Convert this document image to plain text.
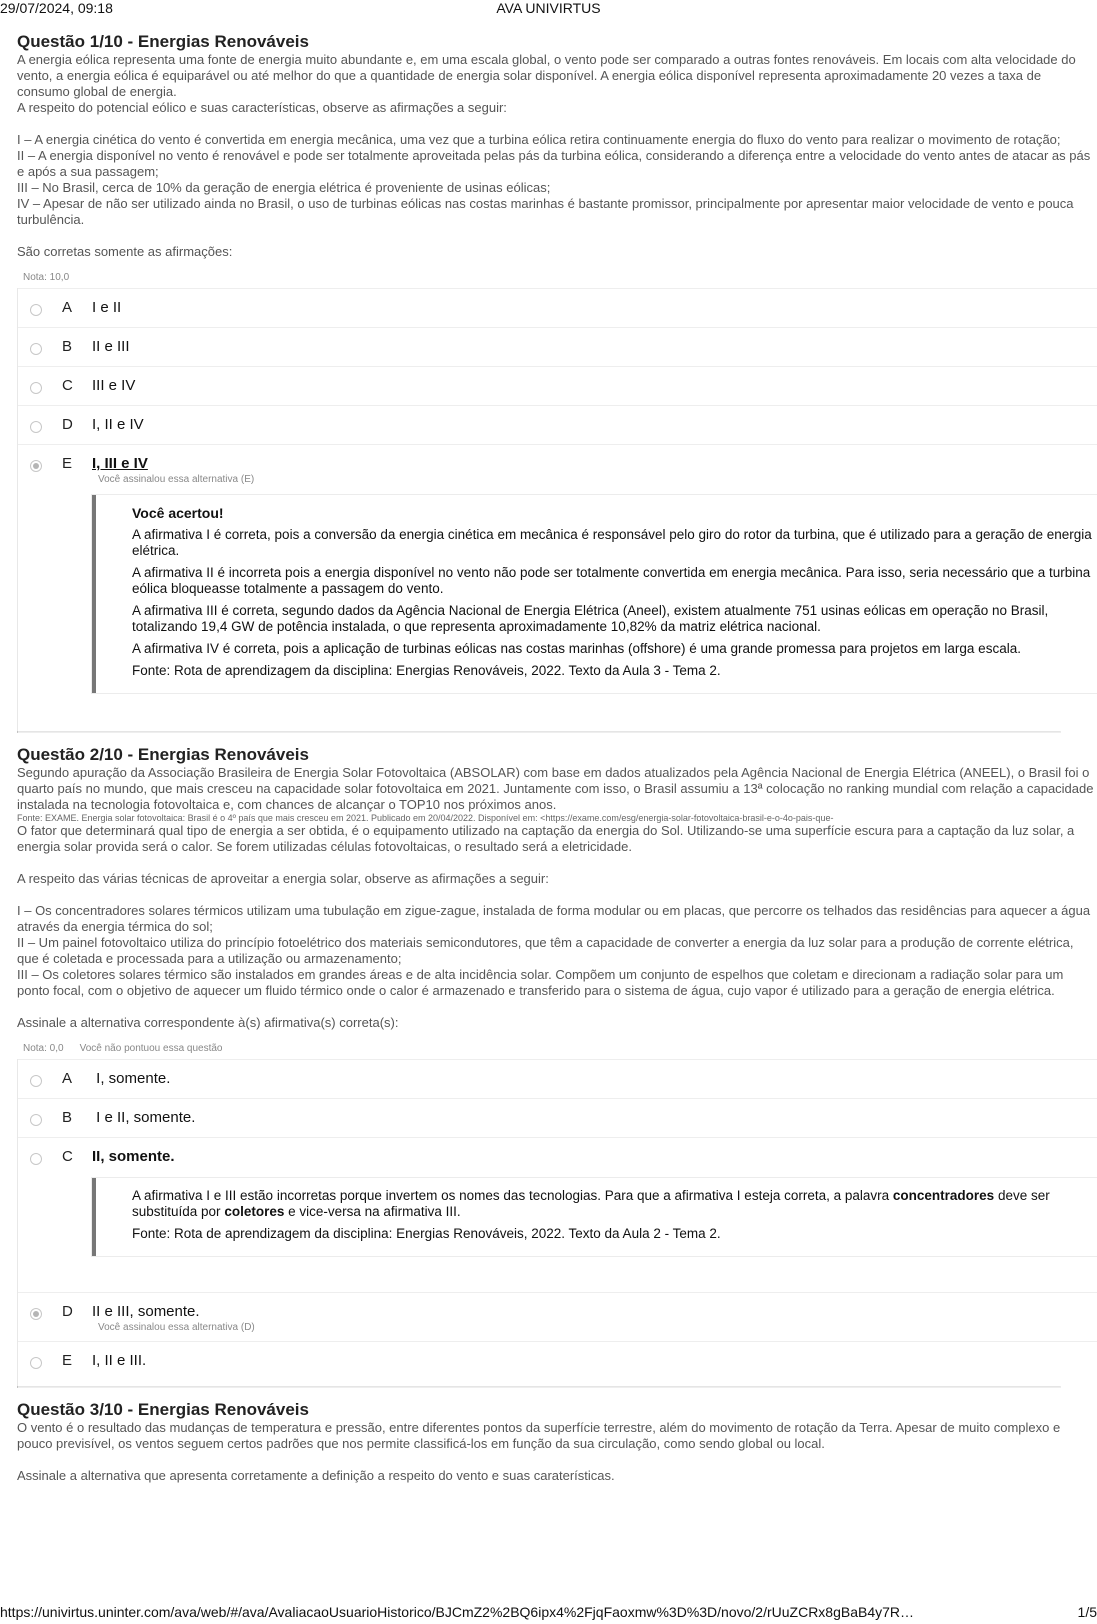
29/07/2024, 09:18	AVA UNIVIRTUS
Questão 1/10 - Energias Renováveis

A energia eólica representa uma fonte de energia muito abundante e, em uma escala global, o vento pode ser comparado a outras fontes renováveis. Em locais com alta velocidade do vento, a energia eólica é equiparável ou até melhor do que a quantidade de energia solar disponível. A energia eólica disponível representa aproximadamente 20 vezes a taxa de consumo global de energia.

A respeito do potencial eólico e suas características, observe as afirmações a seguir:

I – A energia cinética do vento é convertida em energia mecânica, uma vez que a turbina eólica retira continuamente energia do fluxo do vento para realizar o movimento de rotação;

II – A energia disponível no vento é renovável e pode ser totalmente aproveitada pelas pás da turbina eólica, considerando a diferença entre a velocidade do vento antes de atacar as pás e após a sua passagem;

III – No Brasil, cerca de 10% da geração de energia elétrica é proveniente de usinas eólicas;

IV – Apesar de não ser utilizado ainda no Brasil, o uso de turbinas eólicas nas costas marinhas é bastante promissor, principalmente por apresentar maior velocidade de vento e pouca turbulência.

São corretas somente as afirmações:

Nota: 10,0
A I e II
B II e III
C III e IV
D I, II e IV
E I, III e IV
Você assinalou essa alternativa (E)
Você acertou!

A afirmativa I é correta, pois a conversão da energia cinética em mecânica é responsável pelo giro do rotor da turbina, que é utilizado para a geração de energia elétrica.

A afirmativa II é incorreta pois a energia disponível no vento não pode ser totalmente convertida em energia mecânica. Para isso, seria necessário que a turbina eólica bloqueasse totalmente a passagem do vento.

A afirmativa III é correta, segundo dados da Agência Nacional de Energia Elétrica (Aneel), existem atualmente 751 usinas eólicas em operação no Brasil, totalizando 19,4 GW de potência instalada, o que representa aproximadamente 10,82% da matriz elétrica nacional.

A afirmativa IV é correta, pois a aplicação de turbinas eólicas nas costas marinhas (offshore) é uma grande promessa para projetos em larga escala.

Fonte: Rota de aprendizagem da disciplina: Energias Renováveis, 2022. Texto da Aula 3 - Tema 2.

Questão 2/10 - Energias Renováveis

Segundo apuração da Associação Brasileira de Energia Solar Fotovoltaica (ABSOLAR) com base em dados atualizados pela Agência Nacional de Energia Elétrica (ANEEL), o Brasil foi o quarto país no mundo, que mais cresceu na capacidade solar fotovoltaica em 2021. Juntamente com isso, o Brasil assumiu a 13ª colocação no ranking mundial com relação a capacidade instalada na tecnologia fotovoltaica e, com chances de alcançar o TOP10 nos próximos anos.

Fonte: EXAME. Energia solar fotovoltaica: Brasil é o 4º país que mais cresceu em 2021. Publicado em 20/04/2022. Disponível em: <https://exame.com/esg/energia-solar-fotovoltaica-brasil-e-o-4o-pais-que-

O fator que determinará qual tipo de energia a ser obtida, é o equipamento utilizado na captação da energia do Sol. Utilizando-se uma superfície escura para a captação da luz solar, a energia solar provida será o calor. Se forem utilizadas células fotovoltaicas, o resultado será a eletricidade.

A respeito das várias técnicas de aproveitar a energia solar, observe as afirmações a seguir:

I – Os concentradores solares térmicos utilizam uma tubulação em zigue-zague, instalada de forma modular ou em placas, que percorre os telhados das residências para aquecer a água através da energia térmica do sol;

II – Um painel fotovoltaico utiliza do princípio fotoelétrico dos materiais semicondutores, que têm a capacidade de converter a energia da luz solar para a produção de corrente elétrica, que é coletada e processada para a utilização ou armazenamento;

III – Os coletores solares térmico são instalados em grandes áreas e de alta incidência solar. Compõem um conjunto de espelhos que coletam e direcionam a radiação solar para um ponto focal, com o objetivo de aquecer um fluido térmico onde o calor é armazenado e transferido para o sistema de água, cujo vapor é utilizado para a geração de energia elétrica.

Assinale a alternativa correspondente à(s) afirmativa(s) correta(s):

Nota: 0,0 Você não pontuou essa questão
A I, somente.
B I e II, somente.
C II, somente.

A afirmativa I e III estão incorretas porque invertem os nomes das tecnologias. Para que a afirmativa I esteja correta, a palavra concentradores deve ser substituída por coletores e vice-versa na afirmativa III.

Fonte: Rota de aprendizagem da disciplina: Energias Renováveis, 2022. Texto da Aula 2 - Tema 2.

D II e III, somente.
Você assinalou essa alternativa (D)
E I, II e III.
Questão 3/10 - Energias Renováveis

O vento é o resultado das mudanças de temperatura e pressão, entre diferentes pontos da superfície terrestre, além do movimento de rotação da Terra. Apesar de muito complexo e pouco previsível, os ventos seguem certos padrões que nos permite classificá-los em função da sua circulação, como sendo global ou local.

Assinale a alternativa que apresenta corretamente a definição a respeito do vento e suas caraterísticas.

https://univirtus.uninter.com/ava/web/#/ava/AvaliacaoUsuarioHistorico/BJCmZ2%2BQ6ipx4%2FjqFaoxmw%3D%3D/novo/2/rUuZCRx8gBaB4y7R…	1/5
